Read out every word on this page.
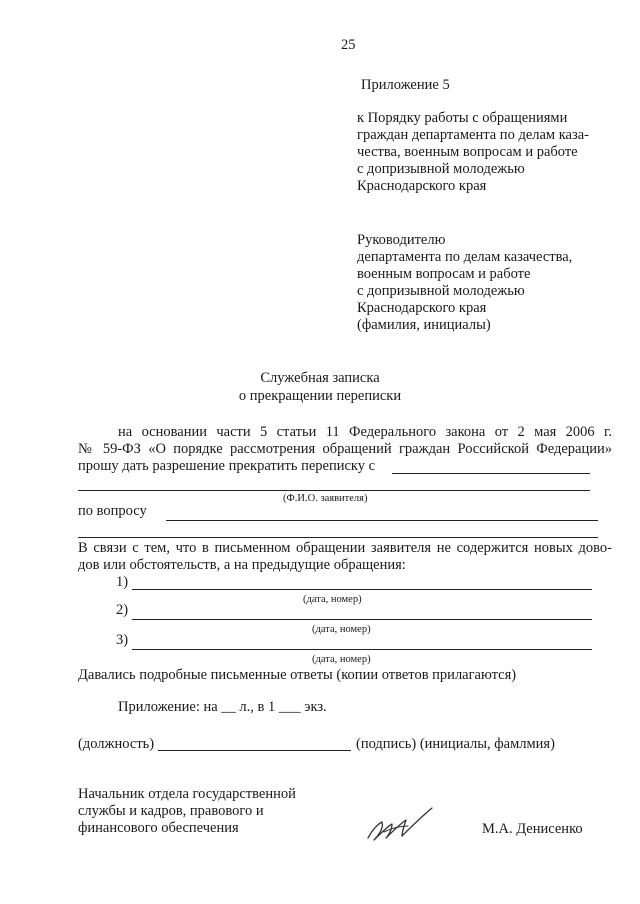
25
Приложение 5
к Порядку работы с обращениями
граждан департамента по делам каза-
чества, военным вопросам и работе
с допризывной молодежью
Краснодарского края
Руководителю
департамента по делам казачества,
военным вопросам и работе
с допризывной молодежью
Краснодарского края
(фамилия, инициалы)
Служебная записка
о прекращении переписки
на основании части 5 статьи 11 Федерального закона от 2 мая 2006 г.
№ 59-ФЗ «О порядке рассмотрения обращений граждан Российской Федерации»
прошу дать разрешение прекратить переписку с
(Ф.И.О. заявителя)
по вопросу
В связи с тем, что в письменном обращении заявителя не содержится новых дово-
дов или обстоятельств, а на предыдущие обращения:
1)
(дата, номер)
2)
(дата, номер)
3)
(дата, номер)
Давались подробные письменные ответы (копии ответов прилагаются)
Приложение: на __ л., в 1 ___ экз.
(должность)	(подпись) (инициалы, фамлмия)
Начальник отдела государственной
службы и кадров, правового и
финансового обеспечения	М.А. Денисенко
